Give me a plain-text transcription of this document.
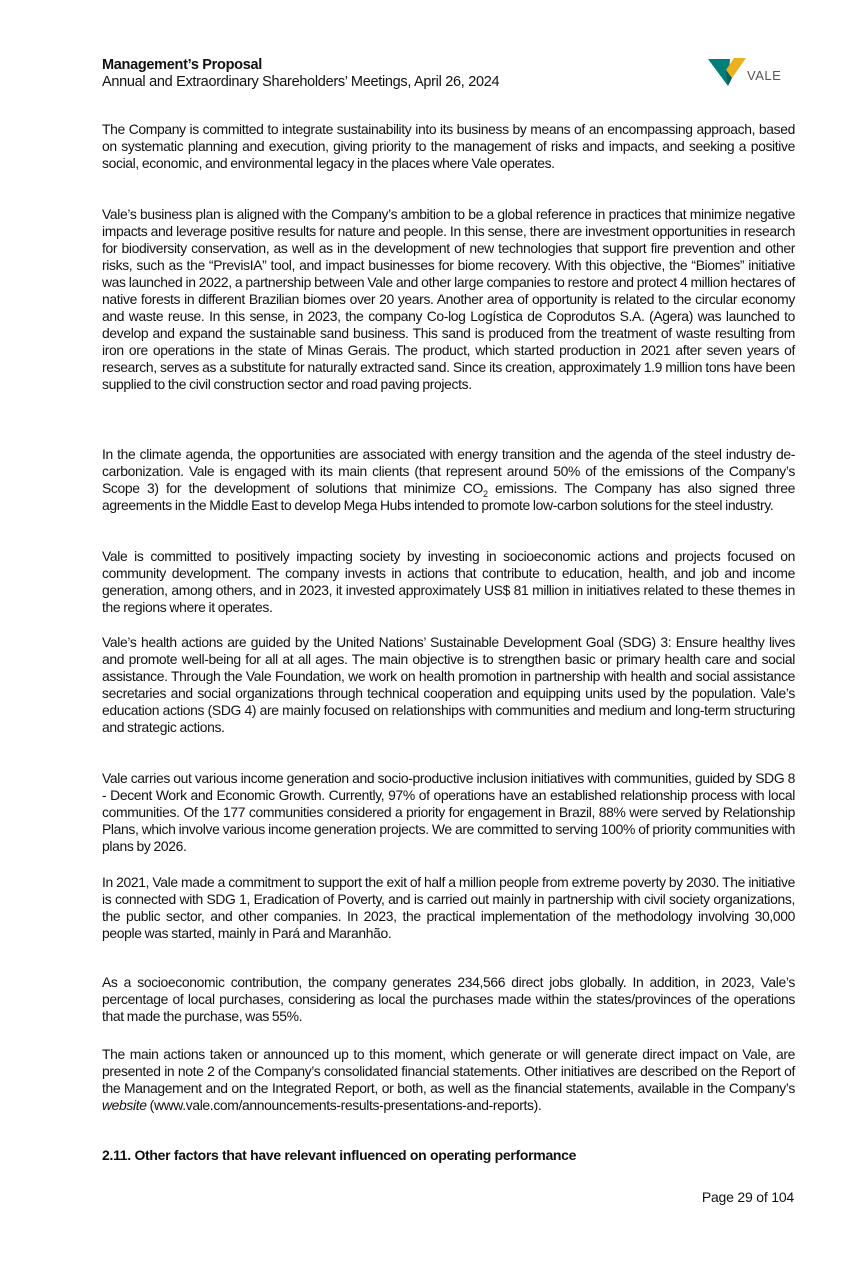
Management’s Proposal
Annual and Extraordinary Shareholders’ Meetings, April 26, 2024	VALE

The Company is committed to integrate sustainability into its business by means of an encompassing approach, based on systematic planning and execution, giving priority to the management of risks and impacts, and seeking a positive social, economic, and environmental legacy in the places where Vale operates.

Vale’s business plan is aligned with the Company’s ambition to be a global reference in practices that minimize negative impacts and leverage positive results for nature and people. In this sense, there are investment opportunities in research for biodiversity conservation, as well as in the development of new technologies that support fire prevention and other risks, such as the “PrevisIA” tool, and impact businesses for biome recovery. With this objective, the “Biomes” initiative was launched in 2022, a partnership between Vale and other large companies to restore and protect 4 million hectares of native forests in different Brazilian biomes over 20 years. Another area of opportunity is related to the circular economy and waste reuse. In this sense, in 2023, the company Co-log Logística de Coprodutos S.A. (Agera) was launched to develop and expand the sustainable sand business. This sand is produced from the treatment of waste resulting from iron ore operations in the state of Minas Gerais. The product, which started production in 2021 after seven years of research, serves as a substitute for naturally extracted sand. Since its creation, approximately 1.9 million tons have been supplied to the civil construction sector and road paving projects.

In the climate agenda, the opportunities are associated with energy transition and the agenda of the steel industry de-carbonization. Vale is engaged with its main clients (that represent around 50% of the emissions of the Company’s Scope 3) for the development of solutions that minimize $CO_2$ emissions. The Company has also signed three agreements in the Middle East to develop Mega Hubs intended to promote low-carbon solutions for the steel industry.

Vale is committed to positively impacting society by investing in socioeconomic actions and projects focused on community development. The company invests in actions that contribute to education, health, and job and income generation, among others, and in 2023, it invested approximately US$ 81 million in initiatives related to these themes in the regions where it operates.

Vale’s health actions are guided by the United Nations’ Sustainable Development Goal (SDG) 3: Ensure healthy lives and promote well-being for all at all ages. The main objective is to strengthen basic or primary health care and social assistance. Through the Vale Foundation, we work on health promotion in partnership with health and social assistance secretaries and social organizations through technical cooperation and equipping units used by the population. Vale’s education actions (SDG 4) are mainly focused on relationships with communities and medium and long-term structuring and strategic actions.

Vale carries out various income generation and socio-productive inclusion initiatives with communities, guided by SDG 8 - Decent Work and Economic Growth. Currently, 97% of operations have an established relationship process with local communities. Of the 177 communities considered a priority for engagement in Brazil, 88% were served by Relationship Plans, which involve various income generation projects. We are committed to serving 100% of priority communities with plans by 2026.

In 2021, Vale made a commitment to support the exit of half a million people from extreme poverty by 2030. The initiative is connected with SDG 1, Eradication of Poverty, and is carried out mainly in partnership with civil society organizations, the public sector, and other companies. In 2023, the practical implementation of the methodology involving 30,000 people was started, mainly in Pará and Maranhão.

As a socioeconomic contribution, the company generates 234,566 direct jobs globally. In addition, in 2023, Vale’s percentage of local purchases, considering as local the purchases made within the states/provinces of the operations that made the purchase, was 55%.

The main actions taken or announced up to this moment, which generate or will generate direct impact on Vale, are presented in note 2 of the Company’s consolidated financial statements. Other initiatives are described on the Report of the Management and on the Integrated Report, or both, as well as the financial statements, available in the Company’s website (www.vale.com/announcements-results-presentations-and-reports).

2.11. Other factors that have relevant influenced on operating performance
Page 29 of 104
